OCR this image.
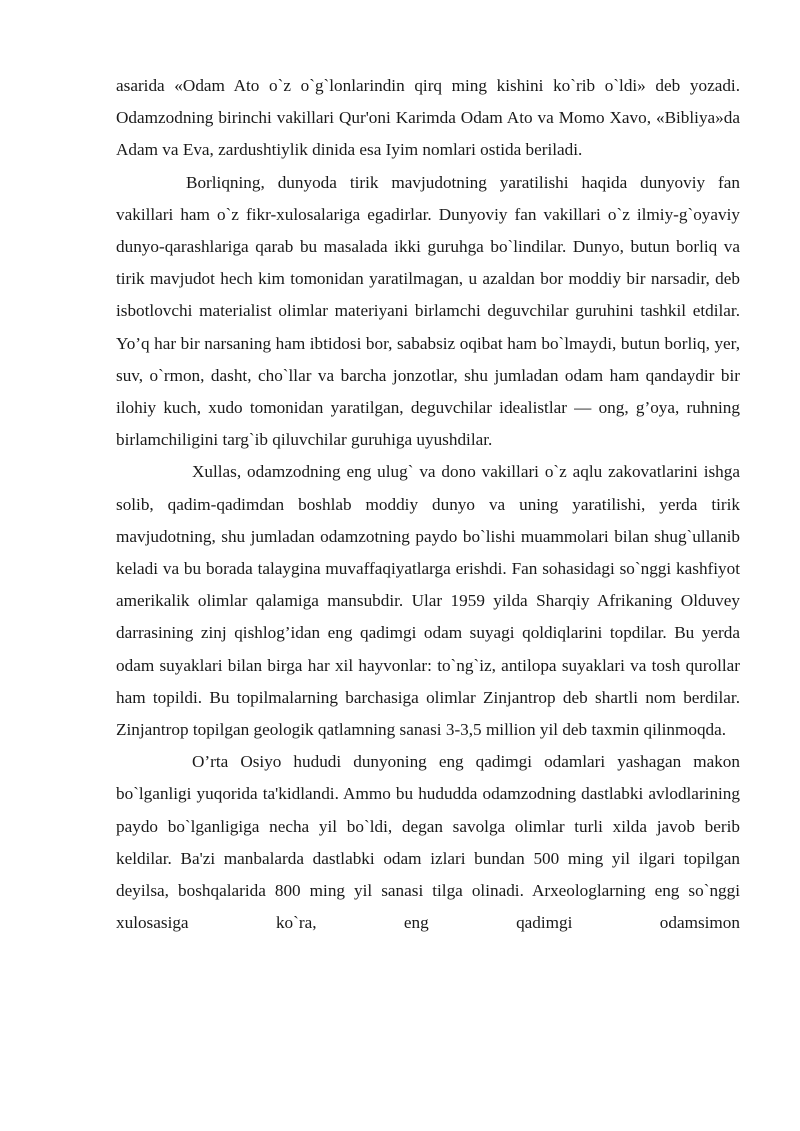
asarida «Odam Ato o`z o`g`lonlarindin qirq ming kishini ko`rib o`ldi» deb yozadi. Odamzodning birinchi vakillari Qur'oni Karimda Odam Ato va Momo Xavo, «Bibliya»da Adam va Eva, zardushtiylik dinida esa Iyim nomlari ostida beriladi.

Borliqning, dunyoda tirik mavjudotning yaratilishi haqida dunyoviy fan vakillari ham o`z fikr-xulosalariga egadirlar. Dunyoviy fan vakillari o`z ilmiy-g`oyaviy dunyo-qarashlariga qarab bu masalada ikki guruhga bo`lindilar. Dunyo, butun borliq va tirik mavjudot hech kim tomonidan yaratilmagan, u azaldan bor moddiy bir narsadir, deb isbotlovchi materialist olimlar materiyani birlamchi deguvchilar guruhini tashkil etdilar. Yo’q har bir narsaning ham ibtidosi bor, sababsiz oqibat ham bo`lmaydi, butun borliq, yer, suv, o`rmon, dasht, cho`llar va barcha jonzotlar, shu jumladan odam ham qandaydir bir ilohiy kuch, xudo tomonidan yaratilgan, deguvchilar idealistlar — ong, g’oya, ruhning birlamchiligini targ`ib qiluvchilar guruhiga uyushdilar.

Xullas, odamzodning eng ulug` va dono vakillari o`z aqlu zakovatlarini ishga solib, qadim-qadimdan boshlab moddiy dunyo va uning yaratilishi, yerda tirik mavjudotning, shu jumladan odamzotning paydo bo`lishi muammolari bilan shug`ullanib keladi va bu borada talaygina muvaffaqiyatlarga erishdi. Fan sohasidagi so`nggi kashfiyot amerikalik olimlar qalamiga mansubdir. Ular 1959 yilda Sharqiy Afrikaning Olduvey darrasining zinj qishlog’idan eng qadimgi odam suyagi qoldiqlarini topdilar. Bu yerda odam suyaklari bilan birga har xil hayvonlar: to`ng`iz, antilopa suyaklari va tosh qurollar ham topildi. Bu topilmalarning barchasiga olimlar Zinjantrop deb shartli nom berdilar. Zinjantrop topilgan geologik qatlamning sanasi 3-3,5 million yil deb taxmin qilinmoqda.

O’rta Osiyo hududi dunyoning eng qadimgi odamlari yashagan makon bo`lganligi yuqorida ta'kidlandi. Ammo bu hududda odamzodning dastlabki avlodlarining paydo bo`lganligiga necha yil bo`ldi, degan savolga olimlar turli xilda javob berib keldilar. Ba'zi manbalarda dastlabki odam izlari bundan 500 ming yil ilgari topilgan deyilsa, boshqalarida 800 ming yil sanasi tilga olinadi. Arxeologlarning eng so`nggi xulosasiga ko`ra, eng qadimgi odamsimon
